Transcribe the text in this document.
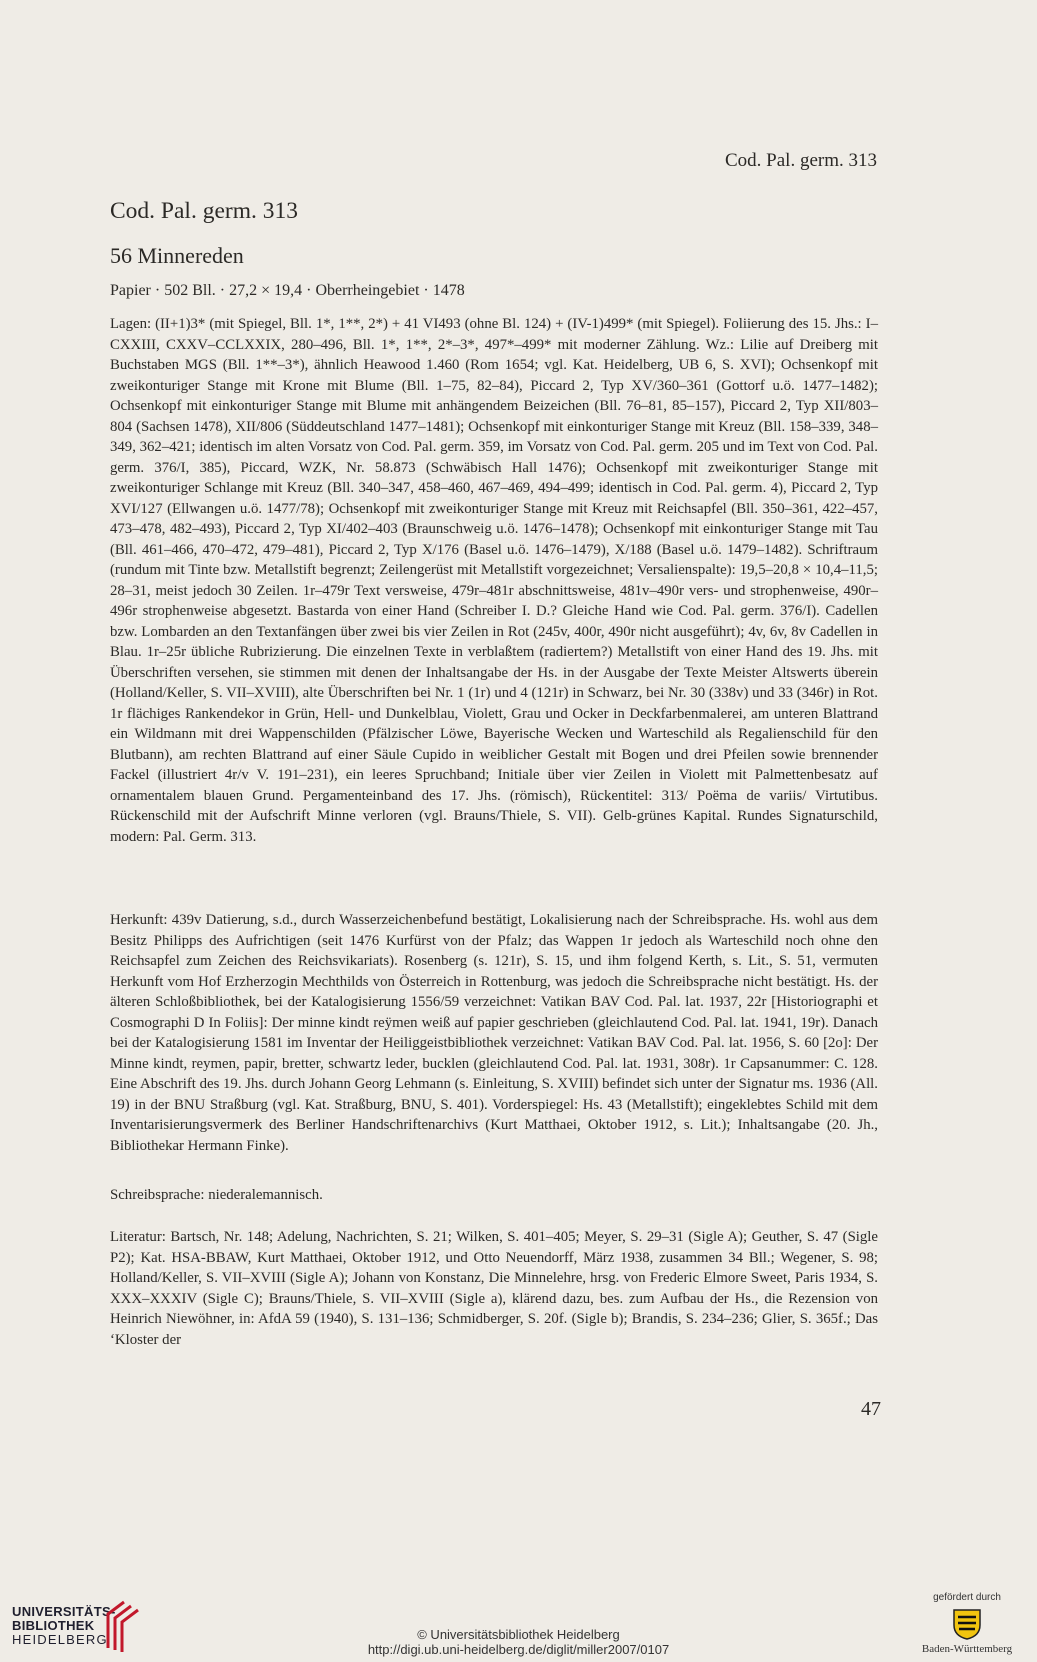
Cod. Pal. germ. 313
Cod. Pal. germ. 313
56 Minnereden
Papier · 502 Bll. · 27,2 × 19,4 · Oberrheingebiet · 1478
Lagen: (II+1)3* (mit Spiegel, Bll. 1*, 1**, 2*) + 41 VI493 (ohne Bl. 124) + (IV-1)499* (mit Spiegel). Foliierung des 15. Jhs.: I–CXXIII, CXXV–CCLXXIX, 280–496, Bll. 1*, 1**, 2*–3*, 497*–499* mit moderner Zählung. Wz.: Lilie auf Dreiberg mit Buchstaben MGS (Bll. 1**–3*), ähnlich Heawood 1.460 (Rom 1654; vgl. Kat. Heidelberg, UB 6, S. XVI); Ochsenkopf mit zweikonturiger Stange mit Krone mit Blume (Bll. 1–75, 82–84), Piccard 2, Typ XV/360–361 (Gottorf u.ö. 1477–1482); Ochsenkopf mit einkonturiger Stange mit Blume mit anhängendem Beizeichen (Bll. 76–81, 85–157), Piccard 2, Typ XII/803–804 (Sachsen 1478), XII/806 (Süddeutschland 1477–1481); Ochsenkopf mit einkonturiger Stange mit Kreuz (Bll. 158–339, 348–349, 362–421; identisch im alten Vorsatz von Cod. Pal. germ. 359, im Vorsatz von Cod. Pal. germ. 205 und im Text von Cod. Pal. germ. 376/I, 385), Piccard, WZK, Nr. 58.873 (Schwäbisch Hall 1476); Ochsenkopf mit zweikonturiger Stange mit zweikonturiger Schlange mit Kreuz (Bll. 340–347, 458–460, 467–469, 494–499; identisch in Cod. Pal. germ. 4), Piccard 2, Typ XVI/127 (Ellwangen u.ö. 1477/78); Ochsenkopf mit zweikonturiger Stange mit Kreuz mit Reichsapfel (Bll. 350–361, 422–457, 473–478, 482–493), Piccard 2, Typ XI/402–403 (Braunschweig u.ö. 1476–1478); Ochsenkopf mit einkonturiger Stange mit Tau (Bll. 461–466, 470–472, 479–481), Piccard 2, Typ X/176 (Basel u.ö. 1476–1479), X/188 (Basel u.ö. 1479–1482). Schriftraum (rundum mit Tinte bzw. Metallstift begrenzt; Zeilengerüst mit Metallstift vorgezeichnet; Versalienspalte): 19,5–20,8 × 10,4–11,5; 28–31, meist jedoch 30 Zeilen. 1r–479r Text versweise, 479r–481r abschnittsweise, 481v–490r vers- und strophenweise, 490r–496r strophenweise abgesetzt. Bastarda von einer Hand (Schreiber I. D.? Gleiche Hand wie Cod. Pal. germ. 376/I). Cadellen bzw. Lombarden an den Textanfängen über zwei bis vier Zeilen in Rot (245v, 400r, 490r nicht ausgeführt); 4v, 6v, 8v Cadellen in Blau. 1r–25r übliche Rubrizierung. Die einzelnen Texte in verblaßtem (radiertem?) Metallstift von einer Hand des 19. Jhs. mit Überschriften versehen, sie stimmen mit denen der Inhaltsangabe der Hs. in der Ausgabe der Texte Meister Altswerts überein (Holland/Keller, S. VII–XVIII), alte Überschriften bei Nr. 1 (1r) und 4 (121r) in Schwarz, bei Nr. 30 (338v) und 33 (346r) in Rot. 1r flächiges Rankendekor in Grün, Hell- und Dunkelblau, Violett, Grau und Ocker in Deckfarbenmalerei, am unteren Blattrand ein Wildmann mit drei Wappenschilden (Pfälzischer Löwe, Bayerische Wecken und Warteschild als Regalienschild für den Blutbann), am rechten Blattrand auf einer Säule Cupido in weiblicher Gestalt mit Bogen und drei Pfeilen sowie brennender Fackel (illustriert 4r/v V. 191–231), ein leeres Spruchband; Initiale über vier Zeilen in Violett mit Palmettenbesatz auf ornamentalem blauen Grund. Pergamenteinband des 17. Jhs. (römisch), Rückentitel: 313/ Poëma de variis/ Virtutibus. Rückenschild mit der Aufschrift Minne verloren (vgl. Brauns/Thiele, S. VII). Gelb-grünes Kapital. Rundes Signaturschild, modern: Pal. Germ. 313.
Herkunft: 439v Datierung, s.d., durch Wasserzeichenbefund bestätigt, Lokalisierung nach der Schreibsprache. Hs. wohl aus dem Besitz Philipps des Aufrichtigen (seit 1476 Kurfürst von der Pfalz; das Wappen 1r jedoch als Warteschild noch ohne den Reichsapfel zum Zeichen des Reichsvikariats). Rosenberg (s. 121r), S. 15, und ihm folgend Kerth, s. Lit., S. 51, vermuten Herkunft vom Hof Erzherzogin Mechthilds von Österreich in Rottenburg, was jedoch die Schreibsprache nicht bestätigt. Hs. der älteren Schloßbibliothek, bei der Katalogisierung 1556/59 verzeichnet: Vatikan BAV Cod. Pal. lat. 1937, 22r [Historiographi et Cosmographi D In Foliis]: Der minne kindt reÿmen weiß auf papier geschrieben (gleichlautend Cod. Pal. lat. 1941, 19r). Danach bei der Katalogisierung 1581 im Inventar der Heiliggeistbibliothek verzeichnet: Vatikan BAV Cod. Pal. lat. 1956, S. 60 [2o]: Der Minne kindt, reymen, papir, bretter, schwartz leder, bucklen (gleichlautend Cod. Pal. lat. 1931, 308r). 1r Capsanummer: C. 128. Eine Abschrift des 19. Jhs. durch Johann Georg Lehmann (s. Einleitung, S. XVIII) befindet sich unter der Signatur ms. 1936 (All. 19) in der BNU Straßburg (vgl. Kat. Straßburg, BNU, S. 401). Vorderspiegel: Hs. 43 (Metallstift); eingeklebtes Schild mit dem Inventarisierungsvermerk des Berliner Handschriftenarchivs (Kurt Matthaei, Oktober 1912, s. Lit.); Inhaltsangabe (20. Jh., Bibliothekar Hermann Finke).
Schreibsprache: niederalemannisch.
Literatur: Bartsch, Nr. 148; Adelung, Nachrichten, S. 21; Wilken, S. 401–405; Meyer, S. 29–31 (Sigle A); Geuther, S. 47 (Sigle P2); Kat. HSA-BBAW, Kurt Matthaei, Oktober 1912, und Otto Neuendorff, März 1938, zusammen 34 Bll.; Wegener, S. 98; Holland/Keller, S. VII–XVIII (Sigle A); Johann von Konstanz, Die Minnelehre, hrsg. von Frederic Elmore Sweet, Paris 1934, S. XXX–XXXIV (Sigle C); Brauns/Thiele, S. VII–XVIII (Sigle a), klärend dazu, bes. zum Aufbau der Hs., die Rezension von Heinrich Niewöhner, in: AfdA 59 (1940), S. 131–136; Schmidberger, S. 20f. (Sigle b); Brandis, S. 234–236; Glier, S. 365f.; Das ‘Kloster der
47
UNIVERSITÄTS-
BIBLIOTHEK
HEIDELBERG	© Universitätsbibliothek Heidelberg
http://digi.ub.uni-heidelberg.de/diglit/miller2007/0107
gefördert durch
Baden-Württemberg
